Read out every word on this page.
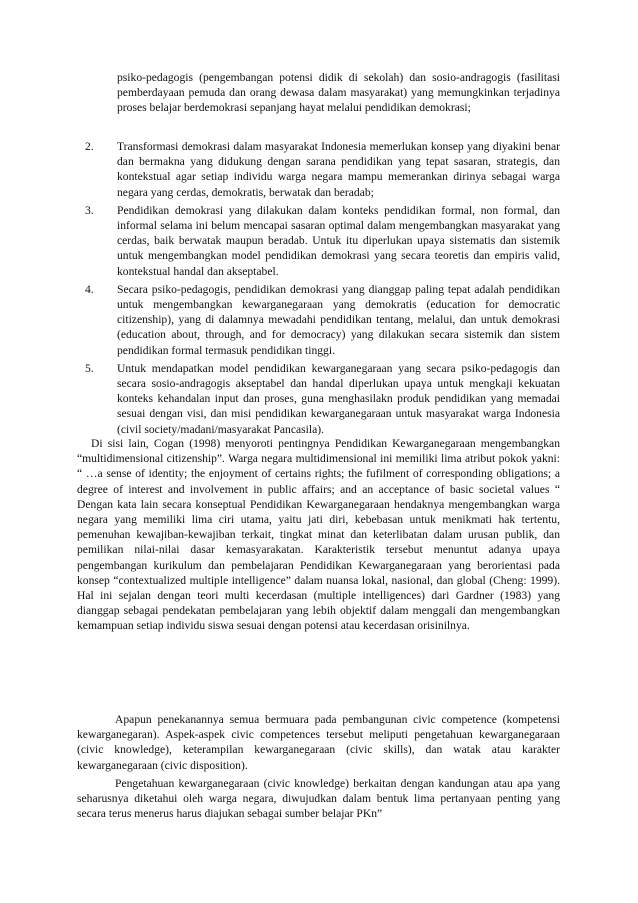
psiko-pedagogis (pengembangan potensi didik di sekolah) dan sosio-andragogis (fasilitasi pemberdayaan pemuda dan orang dewasa dalam masyarakat) yang memungkinkan terjadinya proses belajar berdemokrasi sepanjang hayat melalui pendidikan demokrasi;

2. Transformasi demokrasi dalam masyarakat Indonesia memerlukan konsep yang diyakini benar dan bermakna yang didukung dengan sarana pendidikan yang tepat sasaran, strategis, dan kontekstual agar setiap individu warga negara mampu memerankan dirinya sebagai warga negara yang cerdas, demokratis, berwatak dan beradab;
3. Pendidikan demokrasi yang dilakukan dalam konteks pendidikan formal, non formal, dan informal selama ini belum mencapai sasaran optimal dalam mengembangkan masyarakat yang cerdas, baik berwatak maupun beradab. Untuk itu diperlukan upaya sistematis dan sistemik untuk mengembangkan model pendidikan demokrasi yang secara teoretis dan empiris valid, kontekstual handal dan akseptabel.
4. Secara psiko-pedagogis, pendidikan demokrasi yang dianggap paling tepat adalah pendidikan untuk mengembangkan kewarganegaraan yang demokratis (education for democratic citizenship), yang di dalamnya mewadahi pendidikan tentang, melalui, dan untuk demokrasi (education about, through, and for democracy) yang dilakukan secara sistemik dan sistem pendidikan formal termasuk pendidikan tinggi.
5. Untuk mendapatkan model pendidikan kewarganegaraan yang secara psiko-pedagogis dan secara sosio-andragogis akseptabel dan handal diperlukan upaya untuk mengkaji kekuatan konteks kehandalan input dan proses, guna menghasilakn produk pendidikan yang memadai sesuai dengan visi, dan misi pendidikan kewarganegaraan untuk masyarakat warga Indonesia (civil society/madani/masyarakat Pancasila).

Di sisi lain, Cogan (1998) menyoroti pentingnya Pendidikan Kewarganegaraan mengembangkan “multidimensional citizenship”. Warga negara multidimensional ini memiliki lima atribut pokok yakni: “ …a sense of identity; the enjoyment of certains rights; the fufilment of corresponding obligations; a degree of interest and involvement in public affairs; and an acceptance of basic societal values “ Dengan kata lain secara konseptual Pendidikan Kewarganegaraan hendaknya mengembangkan warga negara yang memiliki lima ciri utama, yaitu jati diri, kebebasan untuk menikmati hak tertentu, pemenuhan kewajiban-kewajiban terkait, tingkat minat dan keterlibatan dalam urusan publik, dan pemilikan nilai-nilai dasar kemasyarakatan. Karakteristik tersebut menuntut adanya upaya pengembangan kurikulum dan pembelajaran Pendidikan Kewarganegaraan yang berorientasi pada konsep “contextualized multiple intelligence” dalam nuansa lokal, nasional, dan global (Cheng: 1999). Hal ini sejalan dengan teori multi kecerdasan (multiple intelligences) dari Gardner (1983) yang dianggap sebagai pendekatan pembelajaran yang lebih objektif dalam menggali dan mengembangkan kemampuan setiap individu siswa sesuai dengan potensi atau kecerdasan orisinilnya.

Apapun penekanannya semua bermuara pada pembangunan civic competence (kompetensi kewarganegaran). Aspek-aspek civic competences tersebut meliputi pengetahuan kewarganegaraan (civic knowledge), keterampilan kewarganegaraan (civic skills), dan watak atau karakter kewarganegaraan (civic disposition).

Pengetahuan kewarganegaraan (civic knowledge) berkaitan dengan kandungan atau apa yang seharusnya diketahui oleh warga negara, diwujudkan dalam bentuk lima pertanyaan penting yang secara terus menerus harus diajukan sebagai sumber belajar PKn”
